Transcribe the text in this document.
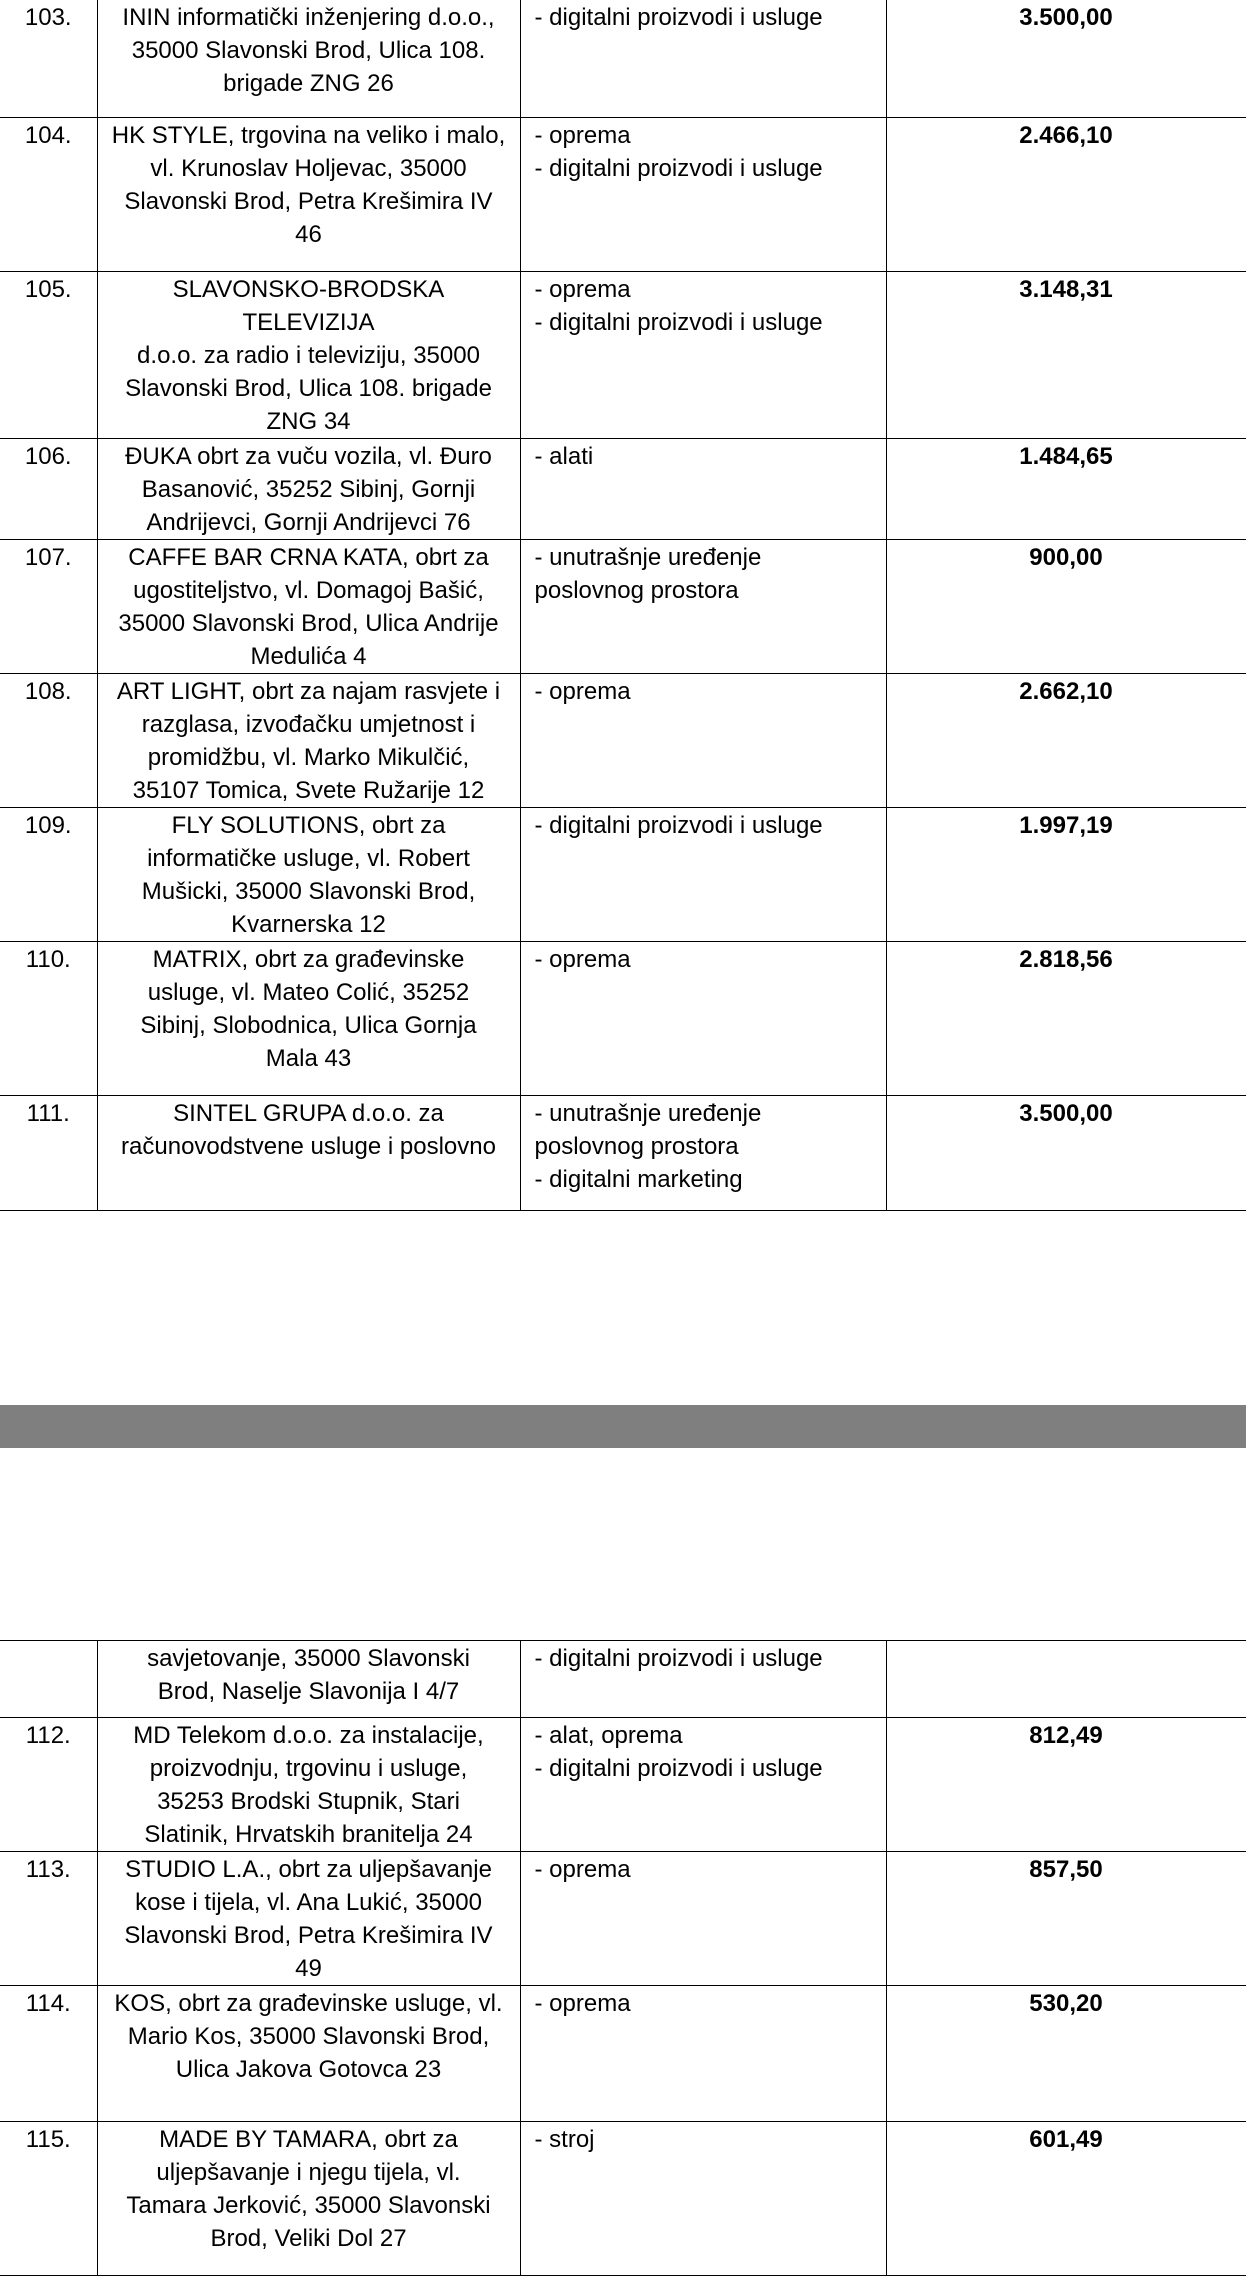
103.	ININ informatički inženjering d.o.o.,
35000 Slavonski Brod, Ulica 108.
brigade ZNG 26	- digitalni proizvodi i usluge	3.500,00
104.	HK STYLE, trgovina na veliko i malo,
vl. Krunoslav Holjevac, 35000
Slavonski Brod, Petra Krešimira IV
46	- oprema
- digitalni proizvodi i usluge	2.466,10
105.	SLAVONSKO-BRODSKA TELEVIZIJA
d.o.o. za radio i televiziju, 35000
Slavonski Brod, Ulica 108. brigade
ZNG 34	- oprema
- digitalni proizvodi i usluge	3.148,31
106.	ĐUKA obrt za vuču vozila, vl. Đuro
Basanović, 35252 Sibinj, Gornji
Andrijevci, Gornji Andrijevci 76	- alati	1.484,65
107.	CAFFE BAR CRNA KATA, obrt za
ugostiteljstvo, vl. Domagoj Bašić,
35000 Slavonski Brod, Ulica Andrije
Medulića 4	- unutrašnje uređenje
poslovnog prostora	900,00
108.	ART LIGHT, obrt za najam rasvjete i
razglasa, izvođačku umjetnost i
promidžbu, vl. Marko Mikulčić,
35107 Tomica, Svete Ružarije 12	- oprema	2.662,10
109.	FLY SOLUTIONS, obrt za
informatičke usluge, vl. Robert
Mušicki, 35000 Slavonski Brod,
Kvarnerska 12	- digitalni proizvodi i usluge	1.997,19
110.	MATRIX, obrt za građevinske
usluge, vl. Mateo Colić, 35252
Sibinj, Slobodnica, Ulica Gornja
Mala 43	- oprema	2.818,56
111.	SINTEL GRUPA d.o.o. za
računovodstvene usluge i poslovno	- unutrašnje uređenje
poslovnog prostora
- digitalni marketing	3.500,00
	savjetovanje, 35000 Slavonski
Brod, Naselje Slavonija I 4/7	- digitalni proizvodi i usluge	
112.	MD Telekom d.o.o. za instalacije,
proizvodnju, trgovinu i usluge,
35253 Brodski Stupnik, Stari
Slatinik, Hrvatskih branitelja 24	- alat, oprema
- digitalni proizvodi i usluge	812,49
113.	STUDIO L.A., obrt za uljepšavanje
kose i tijela, vl. Ana Lukić, 35000
Slavonski Brod, Petra Krešimira IV
49	- oprema	857,50
114.	KOS, obrt za građevinske usluge, vl.
Mario Kos, 35000 Slavonski Brod,
Ulica Jakova Gotovca 23	- oprema	530,20
115.	MADE BY TAMARA, obrt za
uljepšavanje i njegu tijela, vl.
Tamara Jerković, 35000 Slavonski
Brod, Veliki Dol 27	- stroj	601,49
